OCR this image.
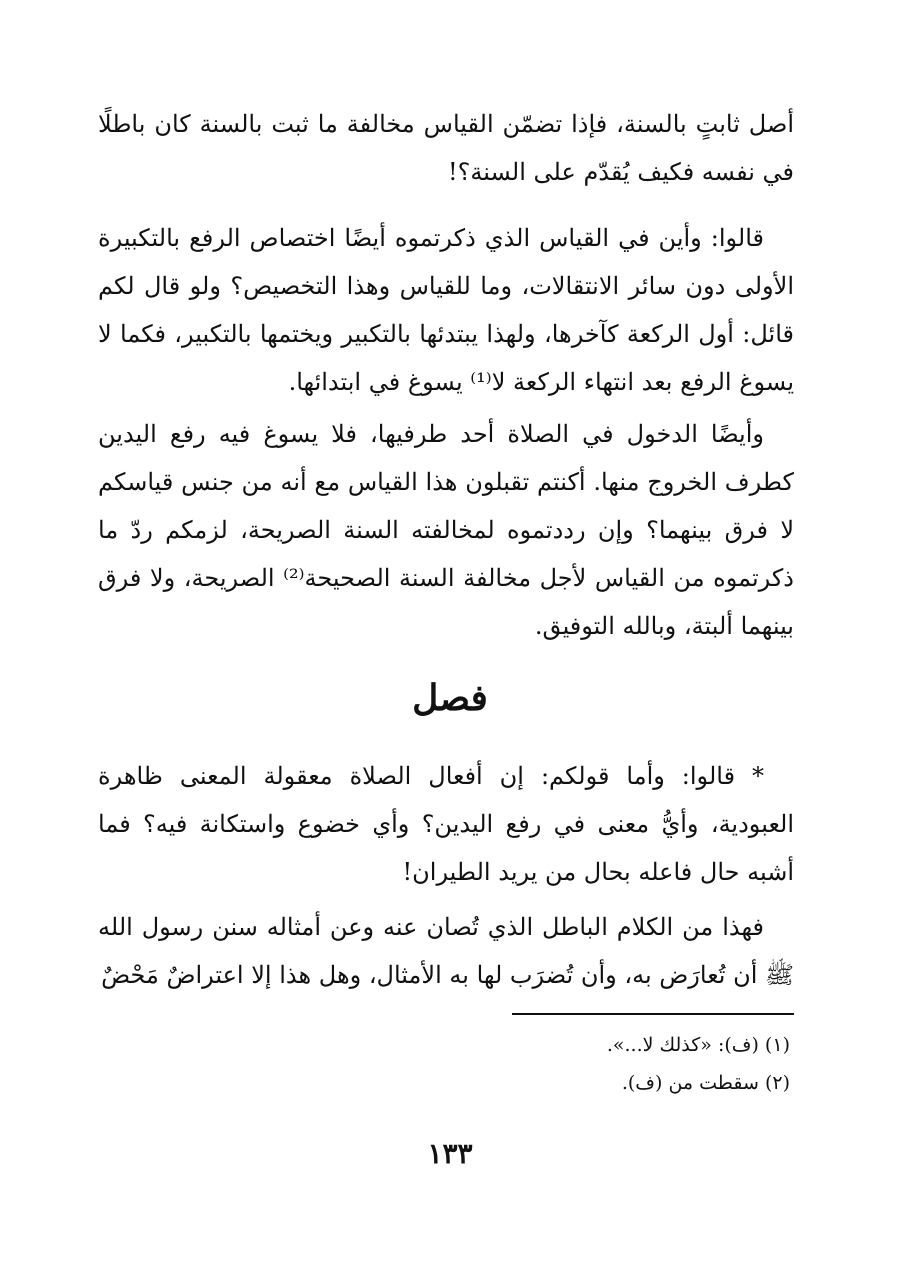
أصل ثابتٍ بالسنة، فإذا تضمّن القياس مخالفة ما ثبت بالسنة كان باطلًا في نفسه فكيف يُقدّم على السنة؟!

قالوا: وأين في القياس الذي ذكرتموه أيضًا اختصاص الرفع بالتكبيرة الأولى دون سائر الانتقالات، وما للقياس وهذا التخصيص؟ ولو قال لكم قائل: أول الركعة كآخرها، ولهذا يبتدئها بالتكبير ويختمها بالتكبير، فكما لا يسوغ الرفع بعد انتهاء الركعة لا⁽¹⁾ يسوغ في ابتدائها.

وأيضًا الدخول في الصلاة أحد طرفيها، فلا يسوغ فيه رفع اليدين كطرف الخروج منها. أكنتم تقبلون هذا القياس مع أنه من جنس قياسكم لا فرق بينهما؟ وإن رددتموه لمخالفته السنة الصريحة، لزمكم ردّ ما ذكرتموه من القياس لأجل مخالفة السنة الصحيحة⁽²⁾ الصريحة، ولا فرق بينهما ألبتة، وبالله التوفيق.

فصل

* قالوا: وأما قولكم: إن أفعال الصلاة معقولة المعنى ظاهرة العبودية، وأيُّ معنى في رفع اليدين؟ وأي خضوع واستكانة فيه؟ فما أشبه حال فاعله بحال من يريد الطيران!

فهذا من الكلام الباطل الذي تُصان عنه وعن أمثاله سنن رسول الله ﷺ أن تُعارَض به، وأن تُضرَب لها به الأمثال، وهل هذا إلا اعتراضٌ مَحْضٌ

(١) (ف): «كذلك لا...».
(٢) سقطت من (ف).
١٣٣
